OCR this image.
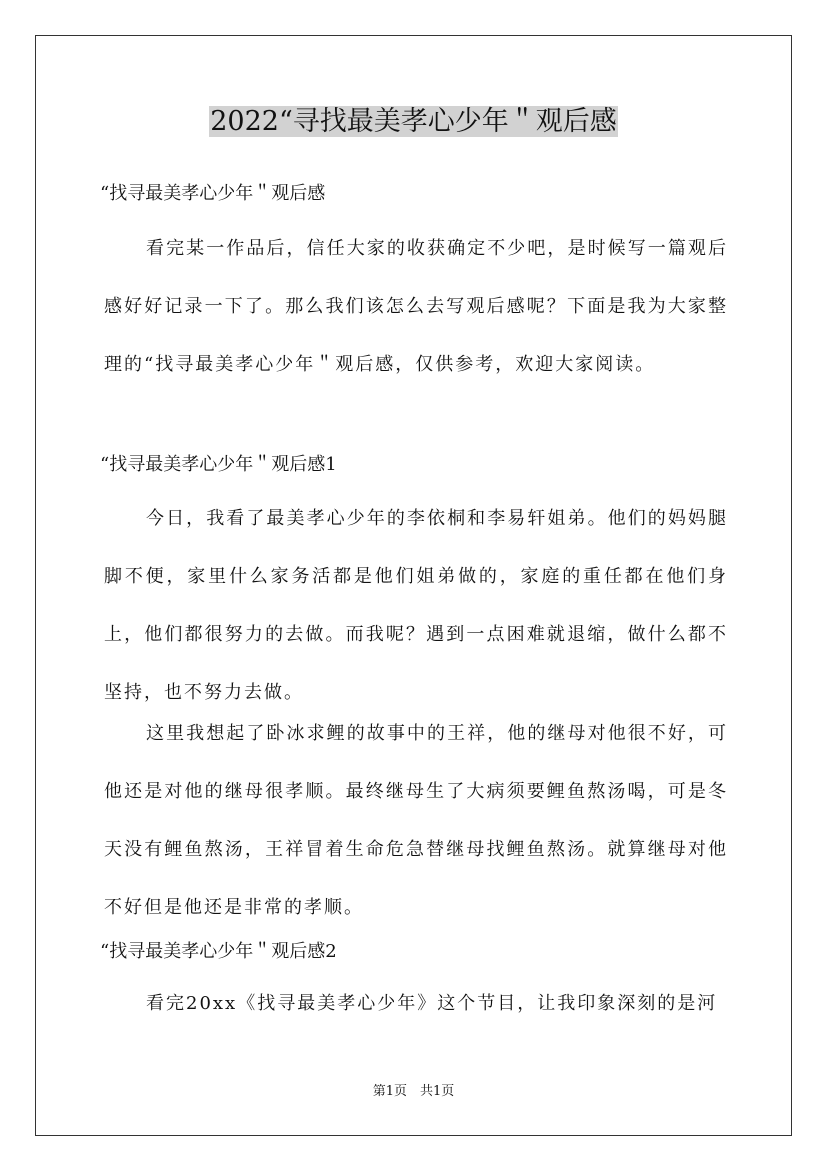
2022“寻找最美孝心少年＂观后感

“找寻最美孝心少年＂观后感

看完某一作品后，信任大家的收获确定不少吧，是时候写一篇观后感好好记录一下了。那么我们该怎么去写观后感呢？下面是我为大家整理的“找寻最美孝心少年＂观后感，仅供参考，欢迎大家阅读。

“找寻最美孝心少年＂观后感1

今日，我看了最美孝心少年的李依桐和李易轩姐弟。他们的妈妈腿脚不便，家里什么家务活都是他们姐弟做的，家庭的重任都在他们身上，他们都很努力的去做。而我呢？遇到一点困难就退缩，做什么都不坚持，也不努力去做。

这里我想起了卧冰求鲤的故事中的王祥，他的继母对他很不好，可他还是对他的继母很孝顺。最终继母生了大病须要鲤鱼熬汤喝，可是冬天没有鲤鱼熬汤，王祥冒着生命危急替继母找鲤鱼熬汤。就算继母对他不好但是他还是非常的孝顺。

“找寻最美孝心少年＂观后感2

看完20xx《找寻最美孝心少年》这个节目，让我印象深刻的是河

第1页　共1页
